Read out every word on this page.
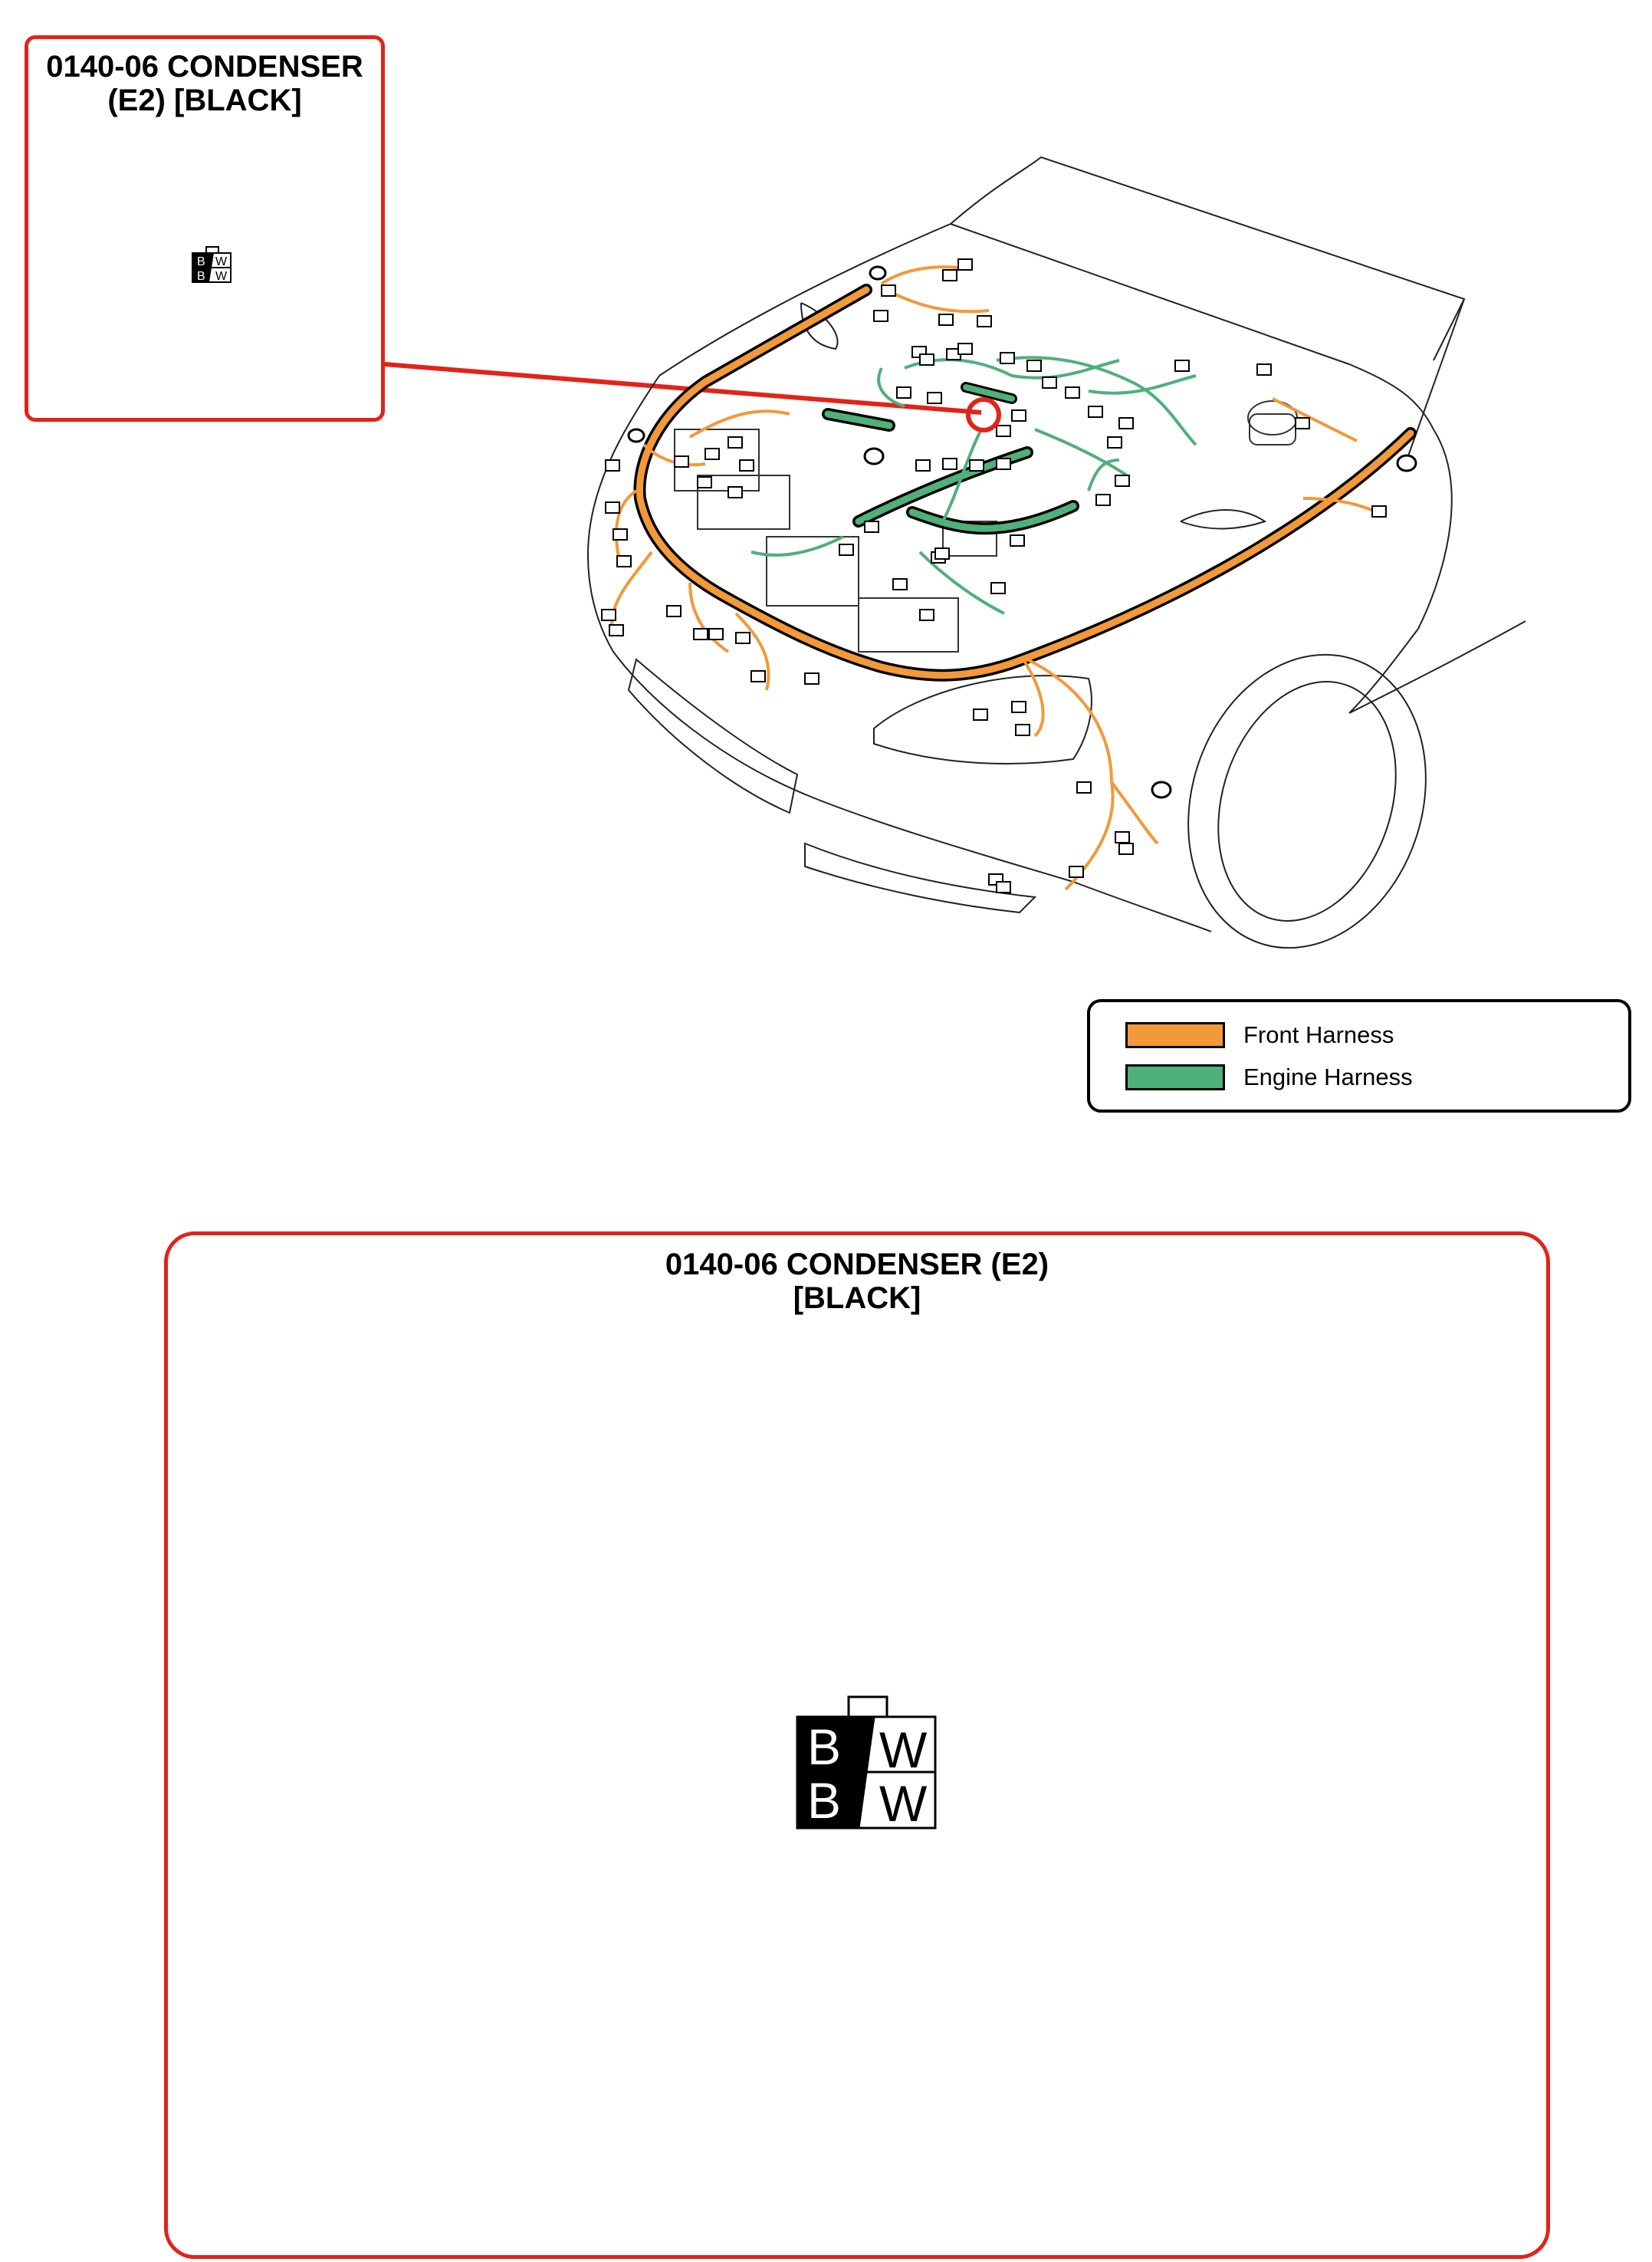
0140-06 CONDENSER
(E2) [BLACK]
B W
B W
Front Harness
Engine Harness
0140-06 CONDENSER (E2)
[BLACK]
B W
B W
